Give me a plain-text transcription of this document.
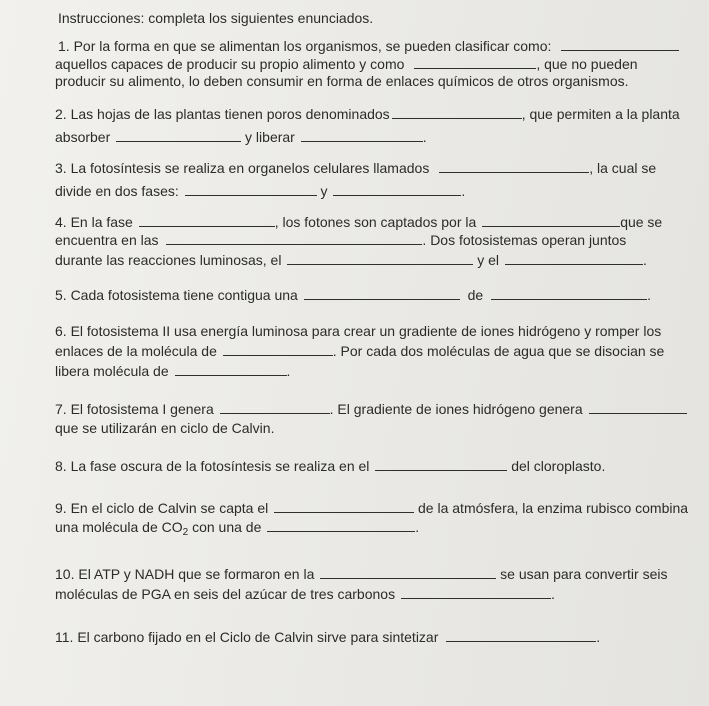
Instrucciones: completa los siguientes enunciados.
1. Por la forma en que se alimentan los organismos, se pueden clasificar como:
aquellos capaces de producir su propio alimento y como	, que no pueden
producir su alimento, lo deben consumir en forma de enlaces químicos de otros organismos.
2. Las hojas de las plantas tienen poros denominados	, que permiten a la planta
absorber	y liberar	.
3. La fotosíntesis se realiza en organelos celulares llamados	, la cual se
divide en dos fases:	y	.
4. En la fase	, los fotones son captados por la	que se
encuentra en las	. Dos fotosistemas operan juntos
durante las reacciones luminosas, el	y el	.
5. Cada fotosistema tiene contigua una	de	.
6. El fotosistema II usa energía luminosa para crear un gradiente de iones hidrógeno y romper los
enlaces de la molécula de	. Por cada dos moléculas de agua que se disocian se
libera molécula de	.
7. El fotosistema I genera	. El gradiente de iones hidrógeno genera
que se utilizarán en ciclo de Calvin.
8. La fase oscura de la fotosíntesis se realiza en el	del cloroplasto.
9. En el ciclo de Calvin se capta el	de la atmósfera, la enzima rubisco combina
una molécula de $CO_2$ con una de	.
10. El ATP y NADH que se formaron en la	se usan para convertir seis
moléculas de PGA en seis del azúcar de tres carbonos	.
11. El carbono fijado en el Ciclo de Calvin sirve para sintetizar	.
